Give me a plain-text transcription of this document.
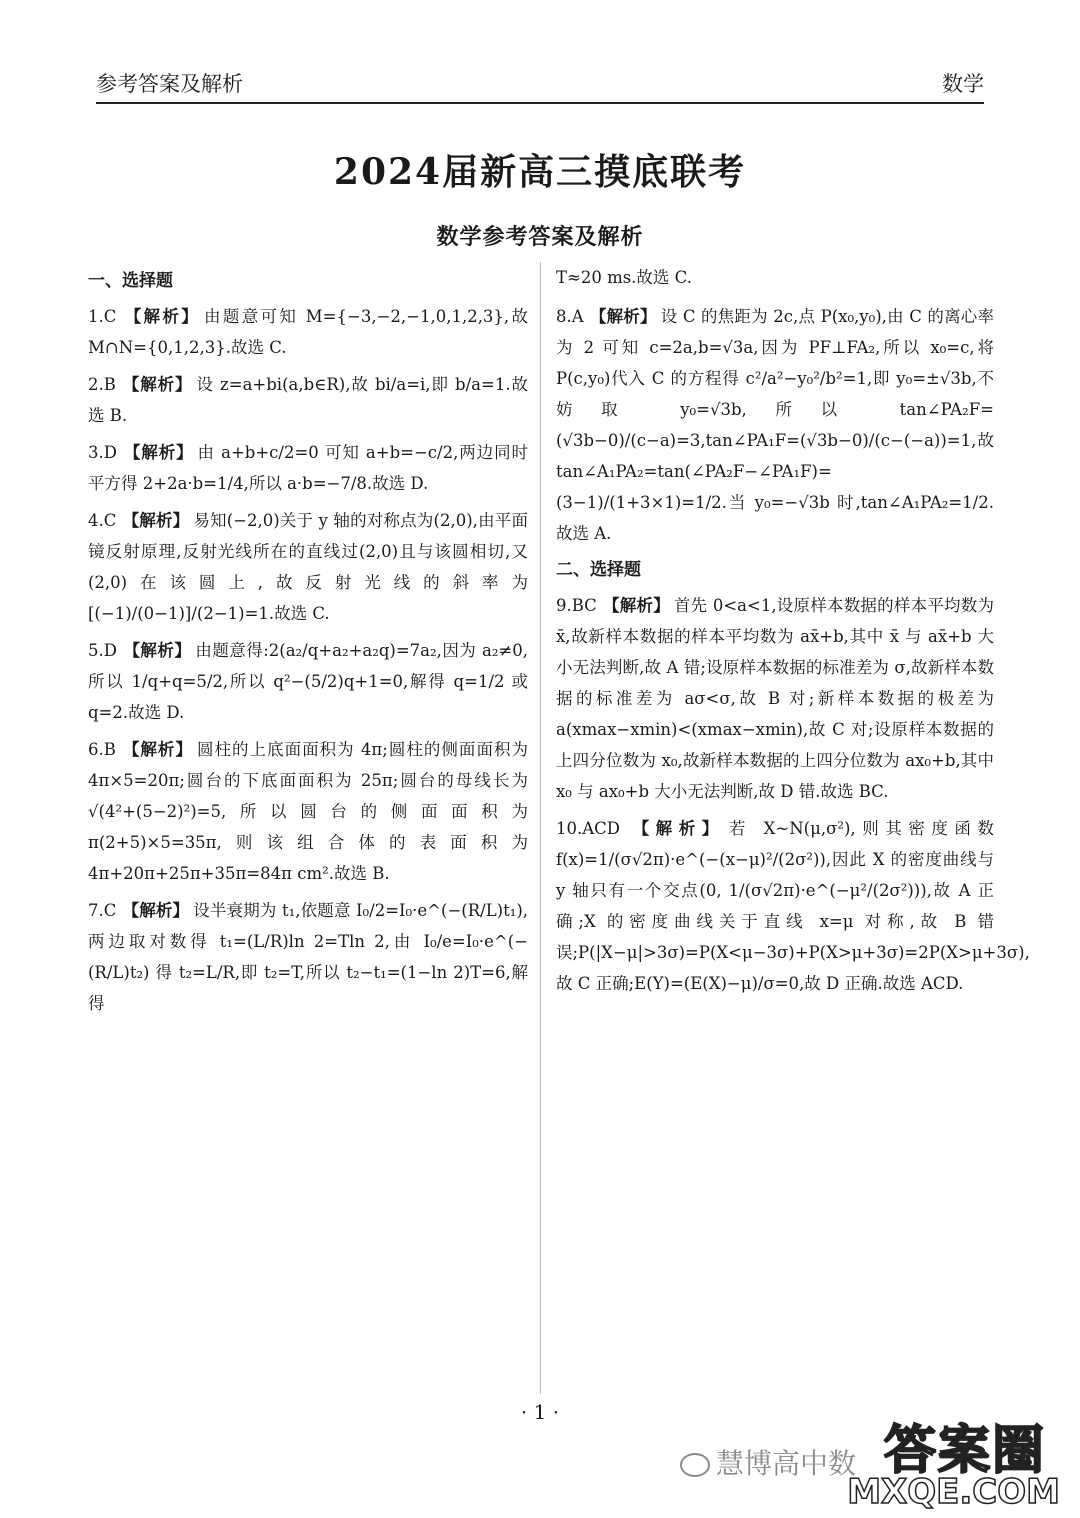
参考答案及解析	数学
2024届新高三摸底联考
数学参考答案及解析
一、选择题
1.C 【解析】 由题意可知 M={−3,−2,−1,0,1,2,3},故 M∩N={0,1,2,3}.故选 C.
2.B 【解析】 设 z=a+bi(a,b∈R),故 bi/a=i,即 b/a=1.故选 B.
3.D 【解析】 由 a+b+c/2=0 可知 a+b=−c/2,两边同时平方得 2+2a·b=1/4,所以 a·b=−7/8.故选 D.
4.C 【解析】 易知(−2,0)关于 y 轴的对称点为(2,0),由平面镜反射原理,反射光线所在的直线过(2,0)且与该圆相切,又(2,0)在该圆上,故反射光线的斜率为 [(−1)/(0−1)]/(2−1)=1.故选 C.
5.D 【解析】 由题意得:2(a₂/q+a₂+a₂q)=7a₂,因为 a₂≠0,所以 1/q+q=5/2,所以 q²−(5/2)q+1=0,解得 q=1/2 或 q=2.故选 D.
6.B 【解析】 圆柱的上底面面积为 4π;圆柱的侧面面积为 4π×5=20π;圆台的下底面面积为 25π;圆台的母线长为 √(4²+(5−2)²)=5,所以圆台的侧面面积为 π(2+5)×5=35π,则该组合体的表面积为 4π+20π+25π+35π=84π cm².故选 B.
7.C 【解析】 设半衰期为 t₁,依题意 I₀/2=I₀·e^(−(R/L)t₁),两边取对数得 t₁=(L/R)ln 2=Tln 2,由 I₀/e=I₀·e^(−(R/L)t₂) 得 t₂=L/R,即 t₂=T,所以 t₂−t₁=(1−ln 2)T=6,解得
T≈20 ms.故选 C.
8.A 【解析】 设 C 的焦距为 2c,点 P(x₀,y₀),由 C 的离心率为 2 可知 c=2a,b=√3a,因为 PF⊥FA₂,所以 x₀=c,将 P(c,y₀)代入 C 的方程得 c²/a²−y₀²/b²=1,即 y₀=±√3b,不妨取 y₀=√3b,所以 tan∠PA₂F=(√3b−0)/(c−a)=3,tan∠PA₁F=(√3b−0)/(c−(−a))=1,故 tan∠A₁PA₂=tan(∠PA₂F−∠PA₁F)=(3−1)/(1+3×1)=1/2.当 y₀=−√3b 时,tan∠A₁PA₂=1/2.故选 A.
二、选择题
9.BC 【解析】 首先 0<a<1,设原样本数据的样本平均数为 x̄,故新样本数据的样本平均数为 ax̄+b,其中 x̄ 与 ax̄+b 大小无法判断,故 A 错;设原样本数据的标准差为 σ,故新样本数据的标准差为 aσ<σ,故 B 对;新样本数据的极差为 a(xmax−xmin)<(xmax−xmin),故 C 对;设原样本数据的上四分位数为 x₀,故新样本数据的上四分位数为 ax₀+b,其中 x₀ 与 ax₀+b 大小无法判断,故 D 错.故选 BC.
10.ACD 【解析】 若 X~N(μ,σ²),则其密度函数 f(x)=1/(σ√2π)·e^(−(x−μ)²/(2σ²)),因此 X 的密度曲线与 y 轴只有一个交点(0, 1/(σ√2π)·e^(−μ²/(2σ²))),故 A 正确;X 的密度曲线关于直线 x=μ 对称,故 B 错误;P(|X−μ|>3σ)=P(X<μ−3σ)+P(X>μ+3σ)=2P(X>μ+3σ),故 C 正确;E(Y)=(E(X)−μ)/σ=0,故 D 正确.故选 ACD.
· 1 ·
慧博高中数 答案圈
MXQE.COM
